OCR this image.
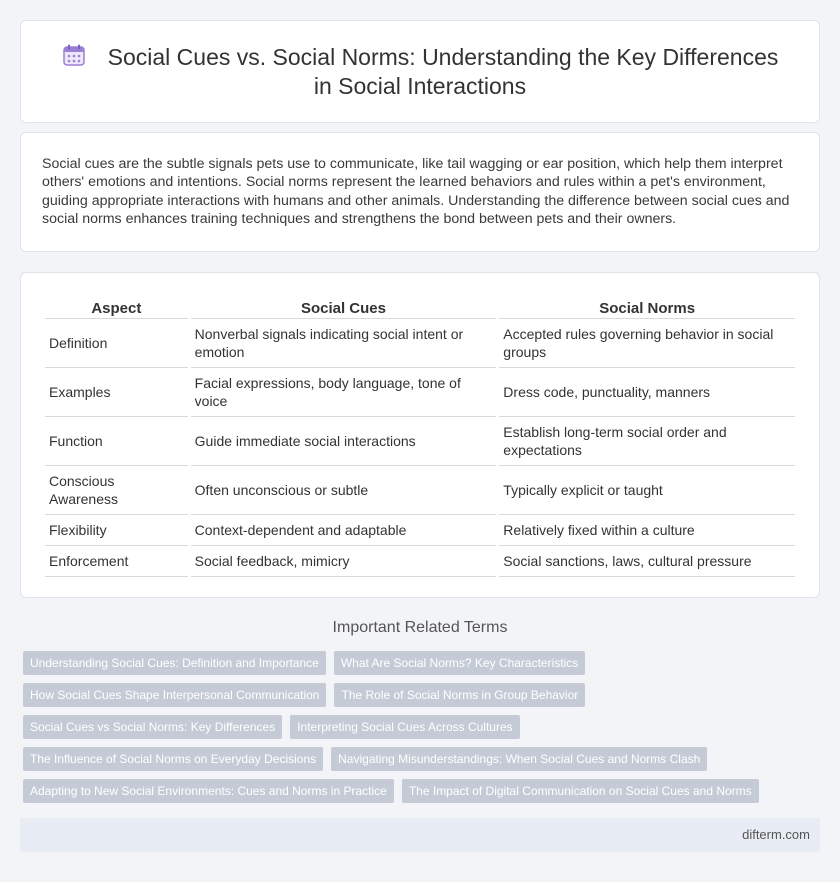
Social Cues vs. Social Norms: Understanding the Key Differences in Social Interactions

Social cues are the subtle signals pets use to communicate, like tail wagging or ear position, which help them interpret others' emotions and intentions. Social norms represent the learned behaviors and rules within a pet's environment, guiding appropriate interactions with humans and other animals. Understanding the difference between social cues and social norms enhances training techniques and strengthens the bond between pets and their owners.

Aspect	Social Cues	Social Norms
Definition	Nonverbal signals indicating social intent or emotion	Accepted rules governing behavior in social groups
Examples	Facial expressions, body language, tone of voice	Dress code, punctuality, manners
Function	Guide immediate social interactions	Establish long-term social order and expectations
Conscious Awareness	Often unconscious or subtle	Typically explicit or taught
Flexibility	Context-dependent and adaptable	Relatively fixed within a culture
Enforcement	Social feedback, mimicry	Social sanctions, laws, cultural pressure
Important Related Terms
Understanding Social Cues: Definition and Importance	What Are Social Norms? Key Characteristics
How Social Cues Shape Interpersonal Communication	The Role of Social Norms in Group Behavior
Social Cues vs Social Norms: Key Differences	Interpreting Social Cues Across Cultures
The Influence of Social Norms on Everyday Decisions	Navigating Misunderstandings: When Social Cues and Norms Clash
Adapting to New Social Environments: Cues and Norms in Practice	The Impact of Digital Communication on Social Cues and Norms
difterm.com
